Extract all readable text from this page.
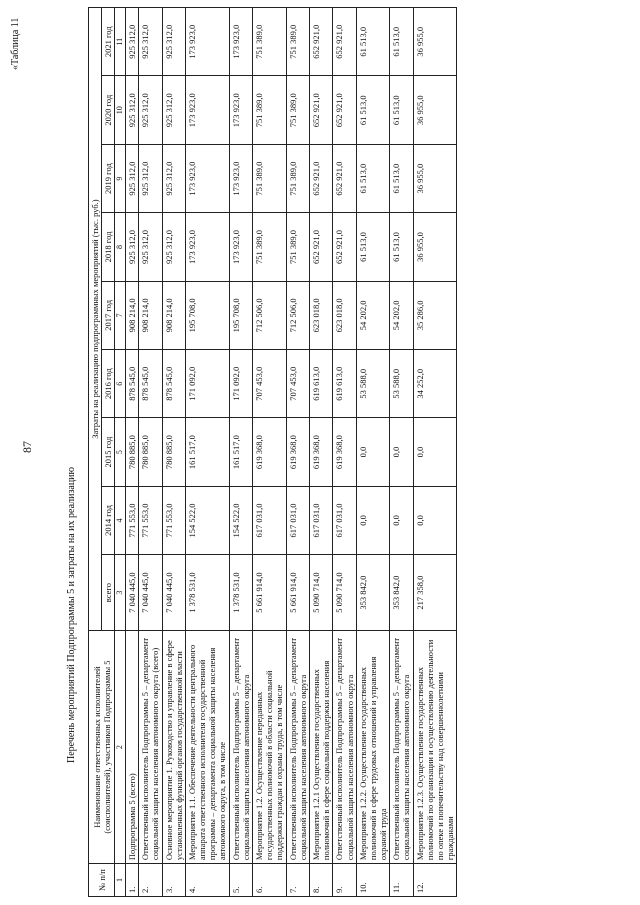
87
«Таблица 11
Перечень мероприятий Подпрограммы 5 и затраты на их реализацию
№ п/п	Наименование ответственных исполнителей (соисполнителей), участников Подпрограммы 5	Затраты на реализацию подпрограммных мероприятий (тыс. руб.)								
		всего	2014 год	2015 год	2016 год	2017 год	2018 год	2019 год	2020 год	2021 год
1	2	3	4	5	6	7	8	9	10	11
1.	Подпрограмма 5 (всего)	7 040 445,0	771 553,0	780 885,0	878 545,0	908 214,0	925 312,0	925 312,0	925 312,0	925 312,0
2.	Ответственный исполнитель Подпрограммы 5 – департамент социальной защиты населения автономного округа (всего)	7 040 445,0	771 553,0	780 885,0	878 545,0	908 214,0	925 312,0	925 312,0	925 312,0	925 312,0
3.	Основное мероприятие 1. Руководство и управление в сфере установленных функций органов государственной власти	7 040 445,0	771 553,0	780 885,0	878 545,0	908 214,0	925 312,0	925 312,0	925 312,0	925 312,0
4.	Мероприятие 1.1. Обеспечение деятельности центрального аппарата ответственного исполнителя государственной программы – департамента социальной защиты населения автономного округа, в том числе	1 378 531,0	154 522,0	161 517,0	171 092,0	195 708,0	173 923,0	173 923,0	173 923,0	173 923,0
5.	Ответственный исполнитель Подпрограммы 5 – департамент социальной защиты населения автономного округа	1 378 531,0	154 522,0	161 517,0	171 092,0	195 708,0	173 923,0	173 923,0	173 923,0	173 923,0
6.	Мероприятие 1.2. Осуществление переданных государственных полномочий в области социальной поддержки граждан и охраны труда, в том числе	5 661 914,0	617 031,0	619 368,0	707 453,0	712 506,0	751 389,0	751 389,0	751 389,0	751 389,0
7.	Ответственный исполнитель Подпрограммы 5 – департамент социальной защиты населения автономного округа	5 661 914,0	617 031,0	619 368,0	707 453,0	712 506,0	751 389,0	751 389,0	751 389,0	751 389,0
8.	Мероприятие 1.2.1 Осуществление государственных полномочий в сфере социальной поддержки населения	5 090 714,0	617 031,0	619 368,0	619 613,0	623 018,0	652 921,0	652 921,0	652 921,0	652 921,0
9.	Ответственный исполнитель Подпрограммы 5 – департамент социальной защиты населения автономного округа	5 090 714,0	617 031,0	619 368,0	619 613,0	623 018,0	652 921,0	652 921,0	652 921,0	652 921,0
10.	Мероприятие 1.2.2. Осуществление государственных полномочий в сфере трудовых отношений и управления охраной труда	353 842,0	0,0	0,0	53 588,0	54 202,0	61 513,0	61 513,0	61 513,0	61 513,0
11.	Ответственный исполнитель Подпрограммы 5 – департамент социальной защиты населения автономного округа	353 842,0	0,0	0,0	53 588,0	54 202,0	61 513,0	61 513,0	61 513,0	61 513,0
12.	Мероприятие 1.2.3. Осуществление государственных полномочий по организации и осуществлению деятельности по опеке и попечительству над совершеннолетними гражданами	217 358,0	0,0	0,0	34 252,0	35 286,0	36 955,0	36 955,0	36 955,0	36 955,0
